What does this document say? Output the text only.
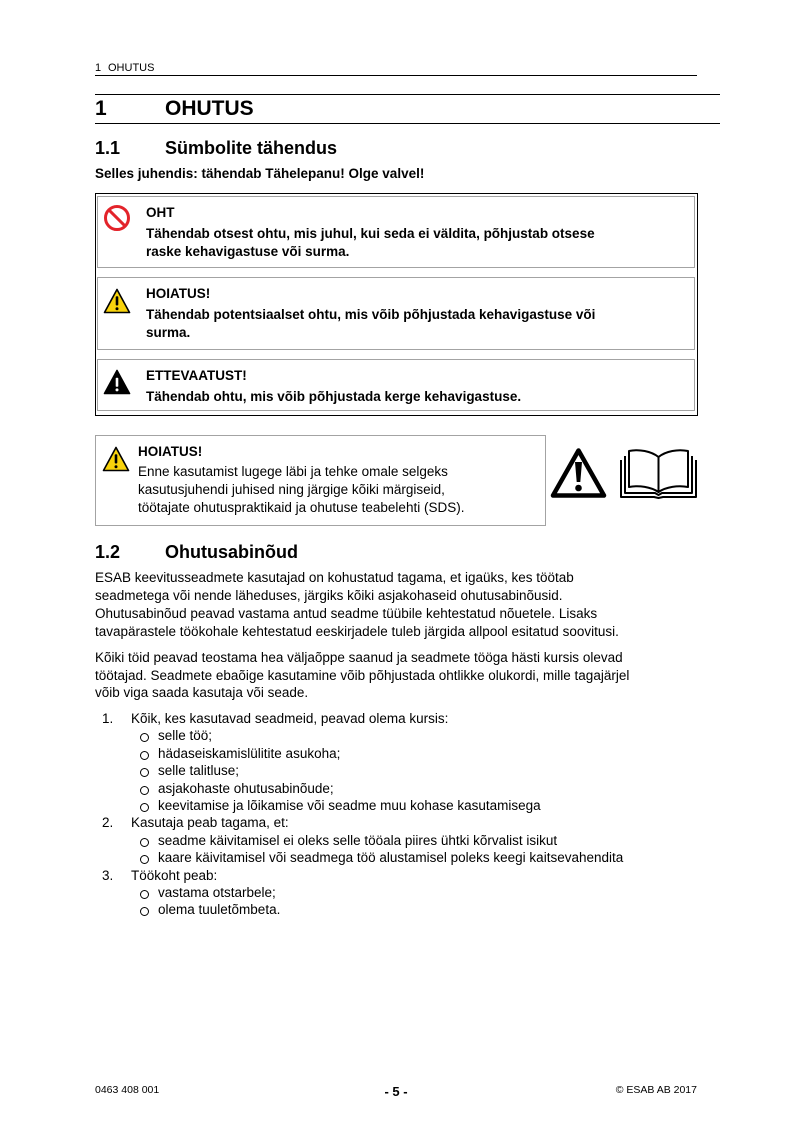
1 OHUTUS
1	OHUTUS
1.1 Sümbolite tähendus
Selles juhendis: tähendab Tähelepanu! Olge valvel!
OHT
Tähendab otsest ohtu, mis juhul, kui seda ei väldita, põhjustab otsese
raske kehavigastuse või surma.
HOIATUS!
Tähendab potentsiaalset ohtu, mis võib põhjustada kehavigastuse või
surma.
ETTEVAATUST!
Tähendab ohtu, mis võib põhjustada kerge kehavigastuse.
HOIATUS!
Enne kasutamist lugege läbi ja tehke omale selgeks
kasutusjuhendi juhised ning järgige kõiki märgiseid,
töötajate ohutuspraktikaid ja ohutuse teabelehti (SDS).
1.2 Ohutusabinõud
ESAB keevitusseadmete kasutajad on kohustatud tagama, et igaüks, kes töötab
seadmetega või nende läheduses, järgiks kõiki asjakohaseid ohutusabinõusid.
Ohutusabinõud peavad vastama antud seadme tüübile kehtestatud nõuetele. Lisaks
tavapärastele töökohale kehtestatud eeskirjadele tuleb järgida allpool esitatud soovitusi.
Kõiki töid peavad teostama hea väljaõppe saanud ja seadmete tööga hästi kursis olevad
töötajad. Seadmete ebaõige kasutamine võib põhjustada ohtlikke olukordi, mille tagajärjel
võib viga saada kasutaja või seade.
1. Kõik, kes kasutavad seadmeid, peavad olema kursis:
selle töö;
hädaseiskamislülitite asukoha;
selle talitluse;
asjakohaste ohutusabinõude;
keevitamise ja lõikamise või seadme muu kohase kasutamisega
2. Kasutaja peab tagama, et:
seadme käivitamisel ei oleks selle tööala piires ühtki kõrvalist isikut
kaare käivitamisel või seadmega töö alustamisel poleks keegi kaitsevahendita
3. Töökoht peab:
vastama otstarbele;
olema tuuletõmbeta.
0463 408 001	- 5 -	© ESAB AB 2017
